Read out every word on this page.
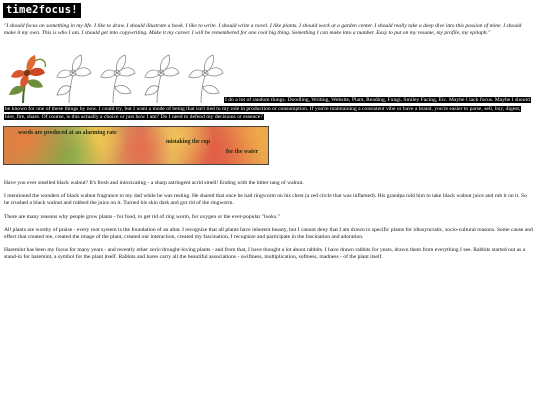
time2focus!

"I should focus on something in my life. I like to draw. I should illustrate a book. I like to write. I should write a novel. I like plants. I should work at a garden center. I should really take a deep dive into this passion of mine. I should make it my own. This is who I am. I should get into copywriting. Make it my career. I will be remembered for one cool big thing. Something I can make into a number. Easy to put on my resume, my profile, my epitaph."

I do a lot of random things. Doodling, Writing, Website, Plant, Reading, Fungi, Smiley Facing, Etc. Maybe I lack focus. Maybe I should be known for one of these things by now. I could try, but I want a mode of being that isn't tied to my role in production or consumption. If you're maintaining a consistent vibe or have a brand, you're easier to parse, sell, buy, digest, hire, fire, share. Of course, is this actually a choice or just how I am? Do I need to defend my decisions or essence?

words are produced at an alarming rate
mistaking the cup
for the water

Have you ever smelled black walnut? It's fresh and intoxicating - a sharp astringent acrid smell! Ending with the bitter tang of walnut.

I mentioned the wonders of black walnut fragrance to my dad while he was resting. He shared that once he had ringworm on his chest (a red circle that was inflamed). His grandpa told him to take black walnut juice and rub it on it. So he crushed a black walnut and rubbed the juice on it. Turned his skin dark and got rid of the ringworm.

There are many reasons why people grow plants - for food, to get rid of ring worm, for oxygen or the ever-popular "looks."

All plants are worthy of praise - every root system is the foundation of an altar. I recognize that all plants have inherent beauty, but I cannot deny that I am drawn to specific plants for idiosyncratic, socio-cultural reasons. Some cause and effect that created me, created the image of the plant, created our interaction, created my fascination, I recognize and participate in the fascination and adoration.

Haremint has been my focus for many years - and recently other xeric/drought-loving plants - and from that, I have thought a lot about rabbits. I have drawn rabbits for years, drawn them from everything I see. Rabbits started out as a stand-in for haremint, a symbol for the plant itself. Rabbits and hares carry all the beautiful associations - swiftness, multiplication, softness, madness - of the plant itself.
